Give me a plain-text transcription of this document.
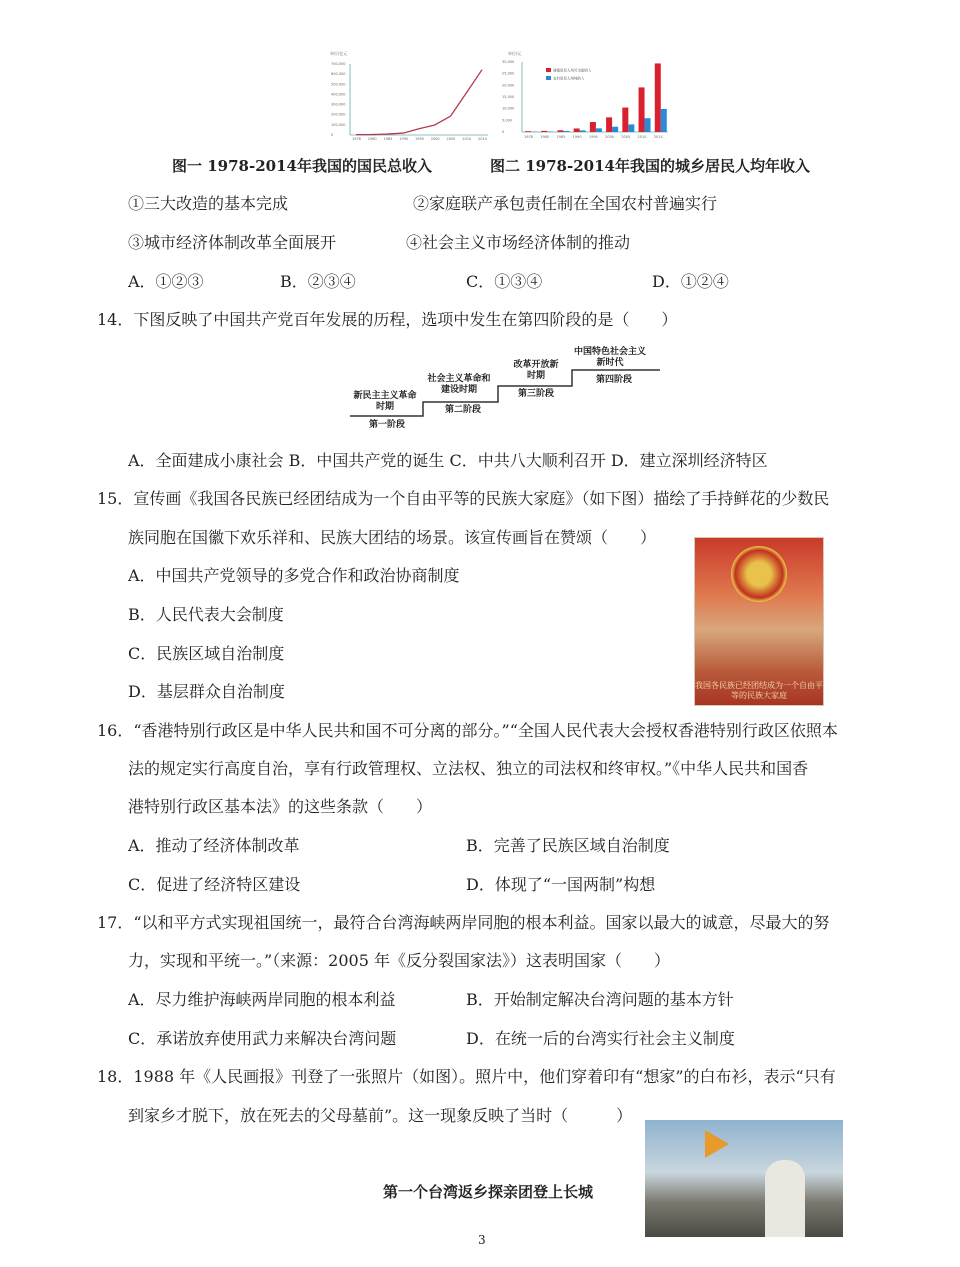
单位/亿元
1978 1980 1985 1990 1995 2000 2005 2010 2014
0
100,000
200,000
300,000
400,000
500,000
600,000
700,000
单位/元
1978 1980 1985 1990 1995 2000 2005 2010 2014
0
5,000
10,000
15,000
20,000
25,000
30,000
城镇居民人均可支配收入
农村居民人均纯收入
图一 1978-2014年我国的国民总收入	图二 1978-2014年我国的城乡居民人均年收入
①三大改造的基本完成	②家庭联产承包责任制在全国农村普遍实行
③城市经济体制改革全面展开	④社会主义市场经济体制的推动
A．①②③	B．②③④	C．①③④	D．①②④
14．下图反映了中国共产党百年发展的历程，选项中发生在第四阶段的是（　　）
新民主主义革命时期
第一阶段
社会主义革命和建设时期
第二阶段
改革开放新时期
第三阶段
中国特色社会主义新时代
第四阶段
A．全面建成小康社会 B．中国共产党的诞生 C．中共八大顺利召开 D．建立深圳经济特区
15．宣传画《我国各民族已经团结成为一个自由平等的民族大家庭》（如下图）描绘了手持鲜花的少数民
族同胞在国徽下欢乐祥和、民族大团结的场景。该宣传画旨在赞颂（　　）
A．中国共产党领导的多党合作和政治协商制度
B．人民代表大会制度
C．民族区域自治制度
D．基层群众自治制度	我国各民族已经团结成为一个自由平等的民族大家庭
16．“香港特别行政区是中华人民共和国不可分离的部分。”“全国人民代表大会授权香港特别行政区依照本
法的规定实行高度自治，享有行政管理权、立法权、独立的司法权和终审权。”《中华人民共和国香
港特别行政区基本法》的这些条款（　　）
A．推动了经济体制改革	B．完善了民族区域自治制度
C．促进了经济特区建设	D．体现了“一国两制”构想
17．“以和平方式实现祖国统一，最符合台湾海峡两岸同胞的根本利益。国家以最大的诚意，尽最大的努
力，实现和平统一。”（来源：2005 年《反分裂国家法》）这表明国家（　　）
A．尽力维护海峡两岸同胞的根本利益	B．开始制定解决台湾问题的基本方针
C．承诺放弃使用武力来解决台湾问题	D．在统一后的台湾实行社会主义制度
18．1988 年《人民画报》刊登了一张照片（如图）。照片中，他们穿着印有“想家”的白布衫，表示“只有
到家乡才脱下，放在死去的父母墓前”。这一现象反映了当时（　　　）
第一个台湾返乡探亲团登上长城
3
